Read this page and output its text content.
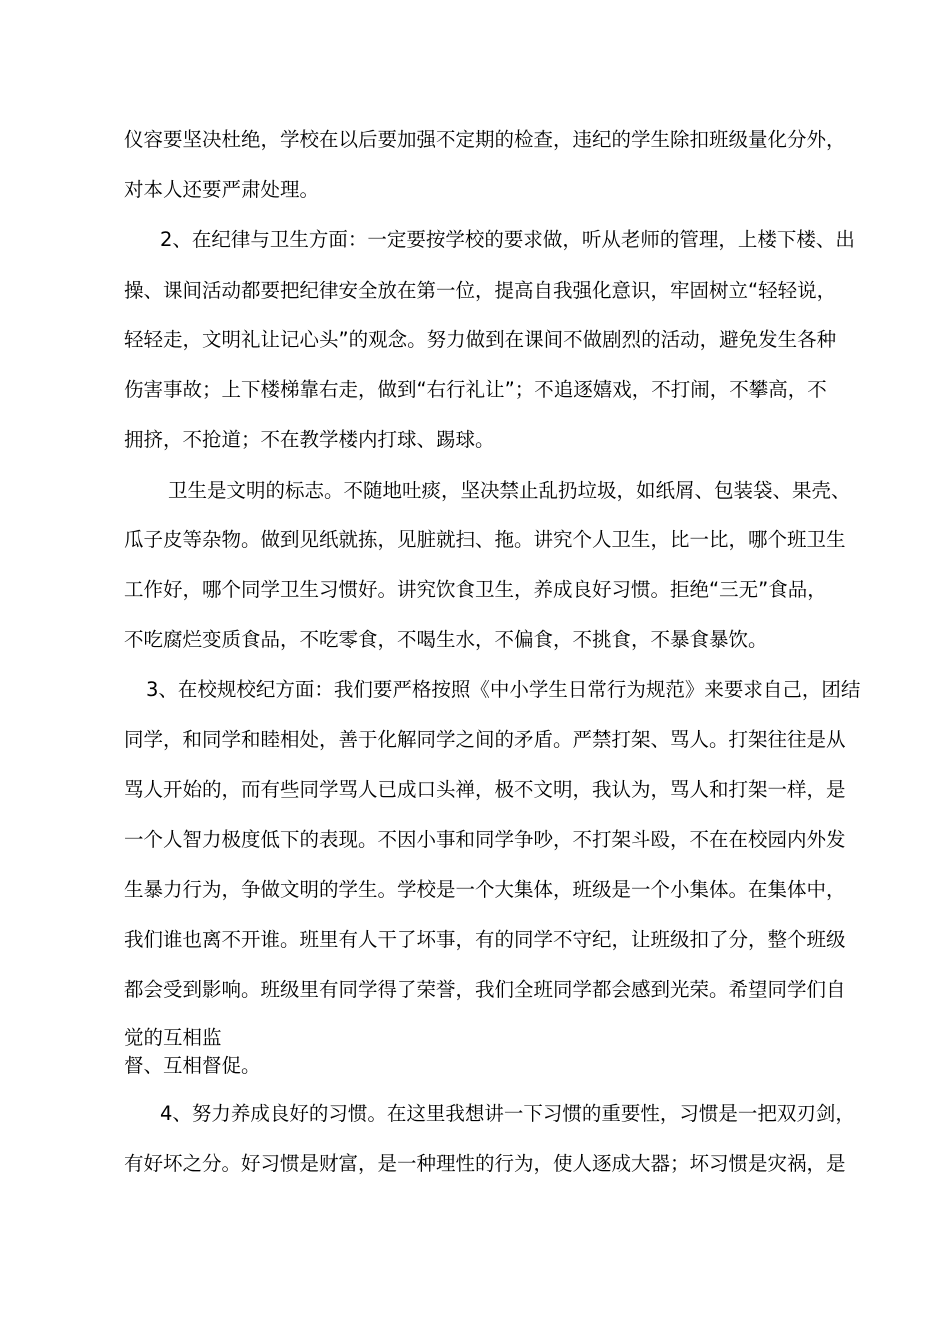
仪容要坚决杜绝，学校在以后要加强不定期的检查，违纪的学生除扣班级量化分外，
对本人还要严肃处理。
2、在纪律与卫生方面：一定要按学校的要求做，听从老师的管理，上楼下楼、出
操、课间活动都要把纪律安全放在第一位，提高自我强化意识，牢固树立“轻轻说，
轻轻走，文明礼让记心头”的观念。努力做到在课间不做剧烈的活动，避免发生各种
伤害事故；上下楼梯靠右走，做到“右行礼让”；不追逐嬉戏，不打闹，不攀高，不
拥挤，不抢道；不在教学楼内打球、踢球。
卫生是文明的标志。不随地吐痰，坚决禁止乱扔垃圾，如纸屑、包装袋、果壳、
瓜子皮等杂物。做到见纸就拣，见脏就扫、拖。讲究个人卫生，比一比，哪个班卫生
工作好，哪个同学卫生习惯好。讲究饮食卫生，养成良好习惯。拒绝“三无”食品，
不吃腐烂变质食品，不吃零食，不喝生水，不偏食，不挑食，不暴食暴饮。
3、在校规校纪方面：我们要严格按照《中小学生日常行为规范》来要求自己，团结
同学，和同学和睦相处，善于化解同学之间的矛盾。严禁打架、骂人。打架往往是从
骂人开始的，而有些同学骂人已成口头禅，极不文明，我认为，骂人和打架一样，是
一个人智力极度低下的表现。不因小事和同学争吵，不打架斗殴，不在在校园内外发
生暴力行为，争做文明的学生。学校是一个大集体，班级是一个小集体。在集体中，
我们谁也离不开谁。班里有人干了坏事，有的同学不守纪，让班级扣了分，整个班级
都会受到影响。班级里有同学得了荣誉，我们全班同学都会感到光荣。希望同学们自
觉的互相监
督、互相督促。
4、努力养成良好的习惯。在这里我想讲一下习惯的重要性，习惯是一把双刃剑，
有好坏之分。好习惯是财富，是一种理性的行为，使人逐成大器；坏习惯是灾祸，是
